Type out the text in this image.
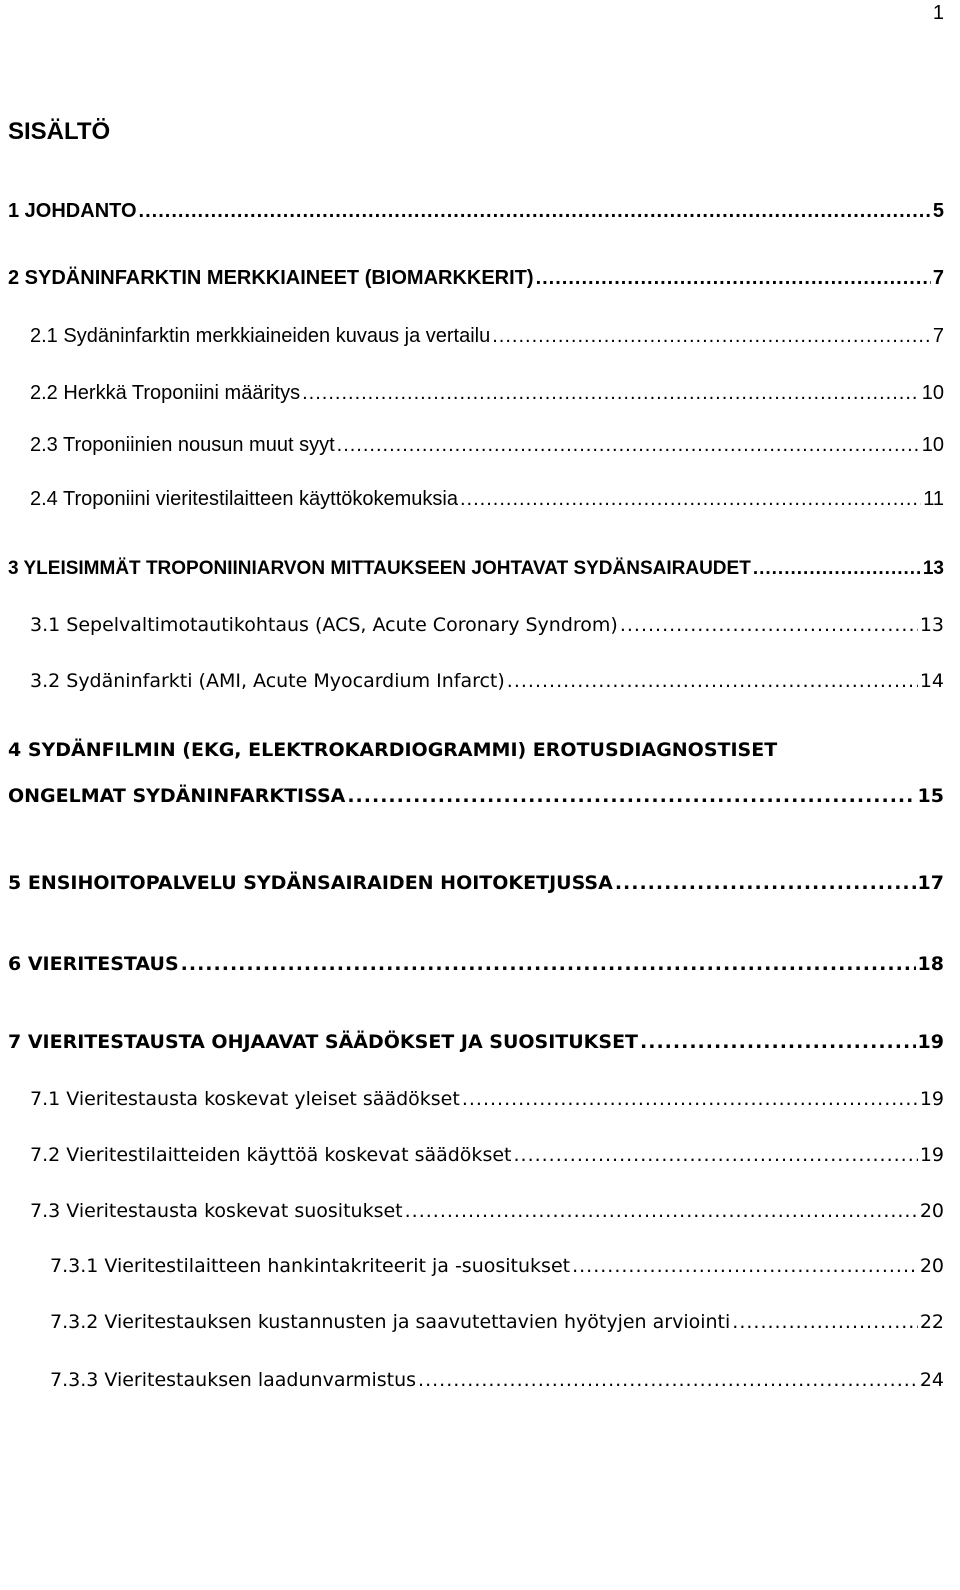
1
SISÄLTÖ
1 JOHDANTO .....	5
2 SYDÄNINFARKTIN MERKKIAINEET (BIOMARKKERIT) .....	7
2.1 Sydäninfarktin merkkiaineiden kuvaus ja vertailu .....	7
2.2 Herkkä Troponiini määritys .....	10
2.3 Troponiinien nousun muut syyt .....	10
2.4 Troponiini vieritestilaitteen käyttökokemuksia .....	11
3 YLEISIMMÄT TROPONIINIARVON MITTAUKSEEN JOHTAVAT SYDÄNSAIRAUDET .....	13
3.1 Sepelvaltimotautikohtaus (ACS, Acute Coronary Syndrom) .....	13
3.2 Sydäninfarkti (AMI, Acute Myocardium Infarct) .....	14
4 SYDÄNFILMIN (EKG, ELEKTROKARDIOGRAMMI) EROTUSDIAGNOSTISET
ONGELMAT SYDÄNINFARKTISSA .....	15
5 ENSIHOITOPALVELU SYDÄNSAIRAIDEN HOITOKETJUSSA .....	17
6 VIERITESTAUS .....	18
7 VIERITESTAUSTA OHJAAVAT SÄÄDÖKSET JA SUOSITUKSET .....	19
7.1 Vieritestausta koskevat yleiset säädökset .....	19
7.2 Vieritestilaitteiden käyttöä koskevat säädökset .....	19
7.3 Vieritestausta koskevat suositukset .....	20
7.3.1 Vieritestilaitteen hankintakriteerit ja -suositukset .....	20
7.3.2 Vieritestauksen kustannusten ja saavutettavien hyötyjen arviointi .....	22
7.3.3 Vieritestauksen laadunvarmistus .....	24
